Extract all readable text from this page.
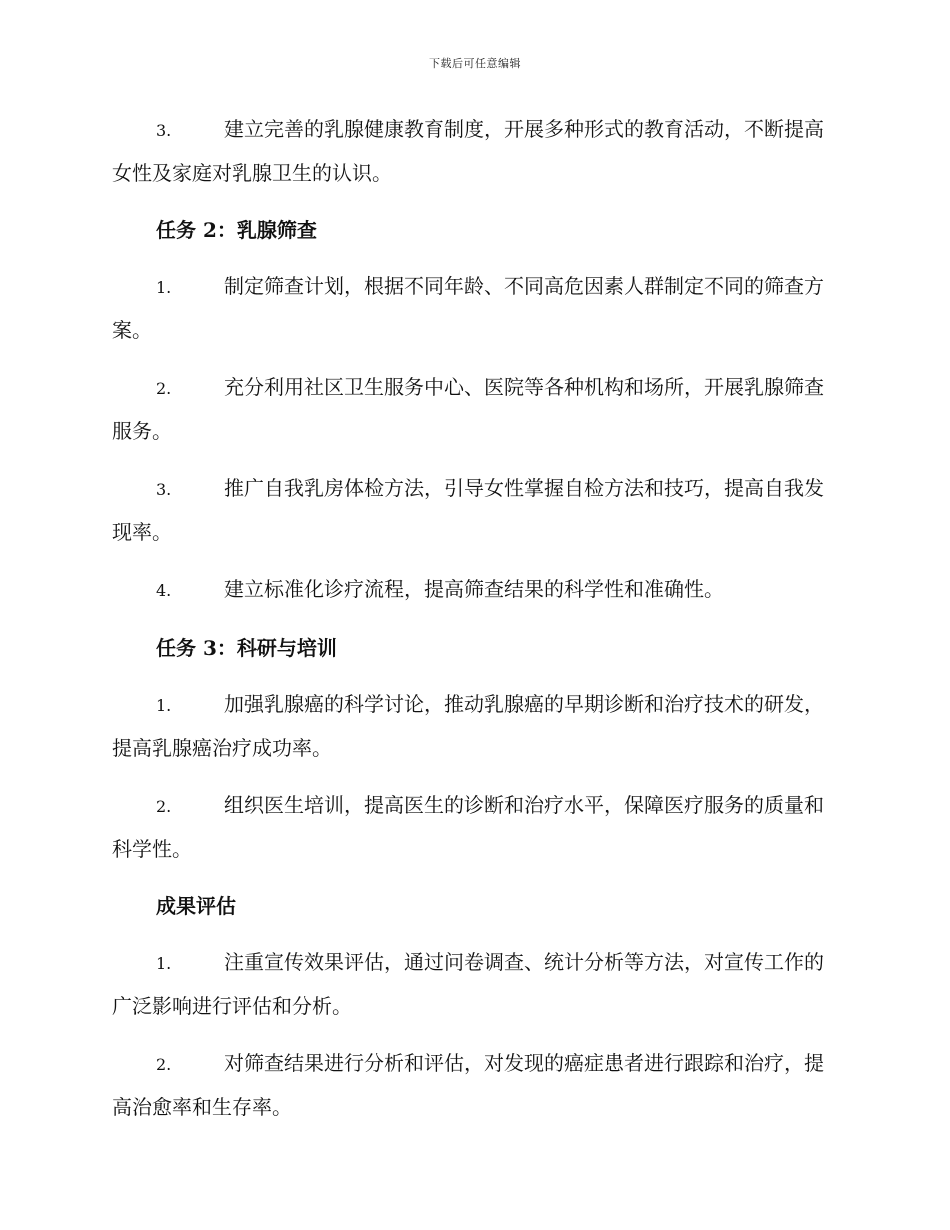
下载后可任意编辑

3.	建立完善的乳腺健康教育制度，开展多种形式的教育活动，不断提高女性及家庭对乳腺卫生的认识。

任务 2：乳腺筛查

1.	制定筛查计划，根据不同年龄、不同高危因素人群制定不同的筛查方案。

2.	充分利用社区卫生服务中心、医院等各种机构和场所，开展乳腺筛查服务。

3.	推广自我乳房体检方法，引导女性掌握自检方法和技巧，提高自我发现率。

4.	建立标准化诊疗流程，提高筛查结果的科学性和准确性。

任务 3：科研与培训

1.	加强乳腺癌的科学讨论，推动乳腺癌的早期诊断和治疗技术的研发，提高乳腺癌治疗成功率。

2.	组织医生培训，提高医生的诊断和治疗水平，保障医疗服务的质量和科学性。

成果评估

1.	注重宣传效果评估，通过问卷调查、统计分析等方法，对宣传工作的广泛影响进行评估和分析。

2.	对筛查结果进行分析和评估，对发现的癌症患者进行跟踪和治疗，提高治愈率和生存率。
